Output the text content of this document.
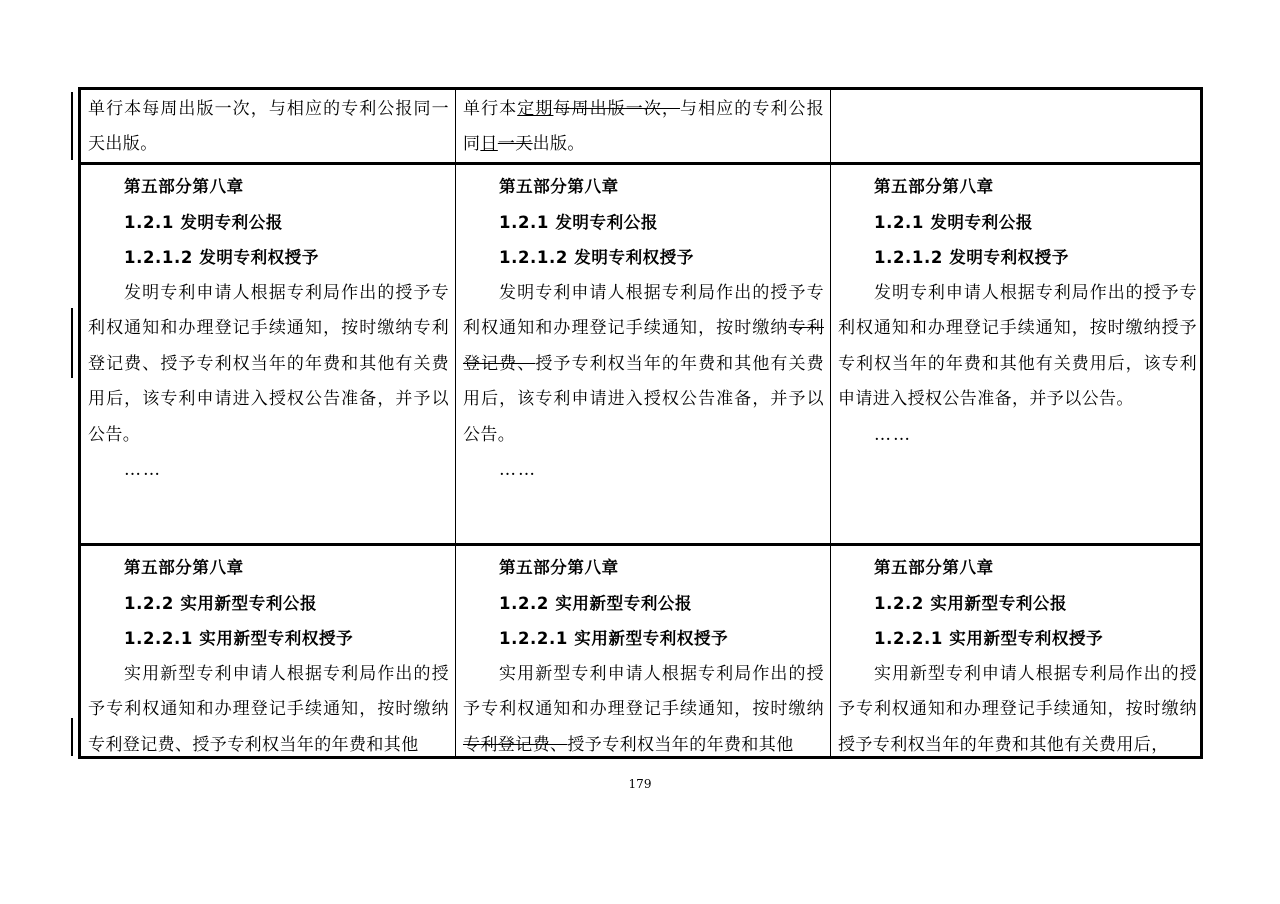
单行本每周出版一次，与相应的专利公报同一天出版。

单行本定期每周出版一次，与相应的专利公报同日一天出版。

第五部分第八章

1.2.1 发明专利公报

1.2.1.2 发明专利权授予

发明专利申请人根据专利局作出的授予专利权通知和办理登记手续通知，按时缴纳专利登记费、授予专利权当年的年费和其他有关费用后，该专利申请进入授权公告准备，并予以公告。

……

第五部分第八章

1.2.1 发明专利公报

1.2.1.2 发明专利权授予

发明专利申请人根据专利局作出的授予专利权通知和办理登记手续通知，按时缴纳专利登记费、授予专利权当年的年费和其他有关费用后，该专利申请进入授权公告准备，并予以公告。

……

第五部分第八章

1.2.1 发明专利公报

1.2.1.2 发明专利权授予

发明专利申请人根据专利局作出的授予专利权通知和办理登记手续通知，按时缴纳授予专利权当年的年费和其他有关费用后，该专利申请进入授权公告准备，并予以公告。

……

第五部分第八章

1.2.2 实用新型专利公报

1.2.2.1 实用新型专利权授予

实用新型专利申请人根据专利局作出的授予专利权通知和办理登记手续通知，按时缴纳专利登记费、授予专利权当年的年费和其他

第五部分第八章

1.2.2 实用新型专利公报

1.2.2.1 实用新型专利权授予

实用新型专利申请人根据专利局作出的授予专利权通知和办理登记手续通知，按时缴纳专利登记费、授予专利权当年的年费和其他

第五部分第八章

1.2.2 实用新型专利公报

1.2.2.1 实用新型专利权授予

实用新型专利申请人根据专利局作出的授予专利权通知和办理登记手续通知，按时缴纳授予专利权当年的年费和其他有关费用后，

179
